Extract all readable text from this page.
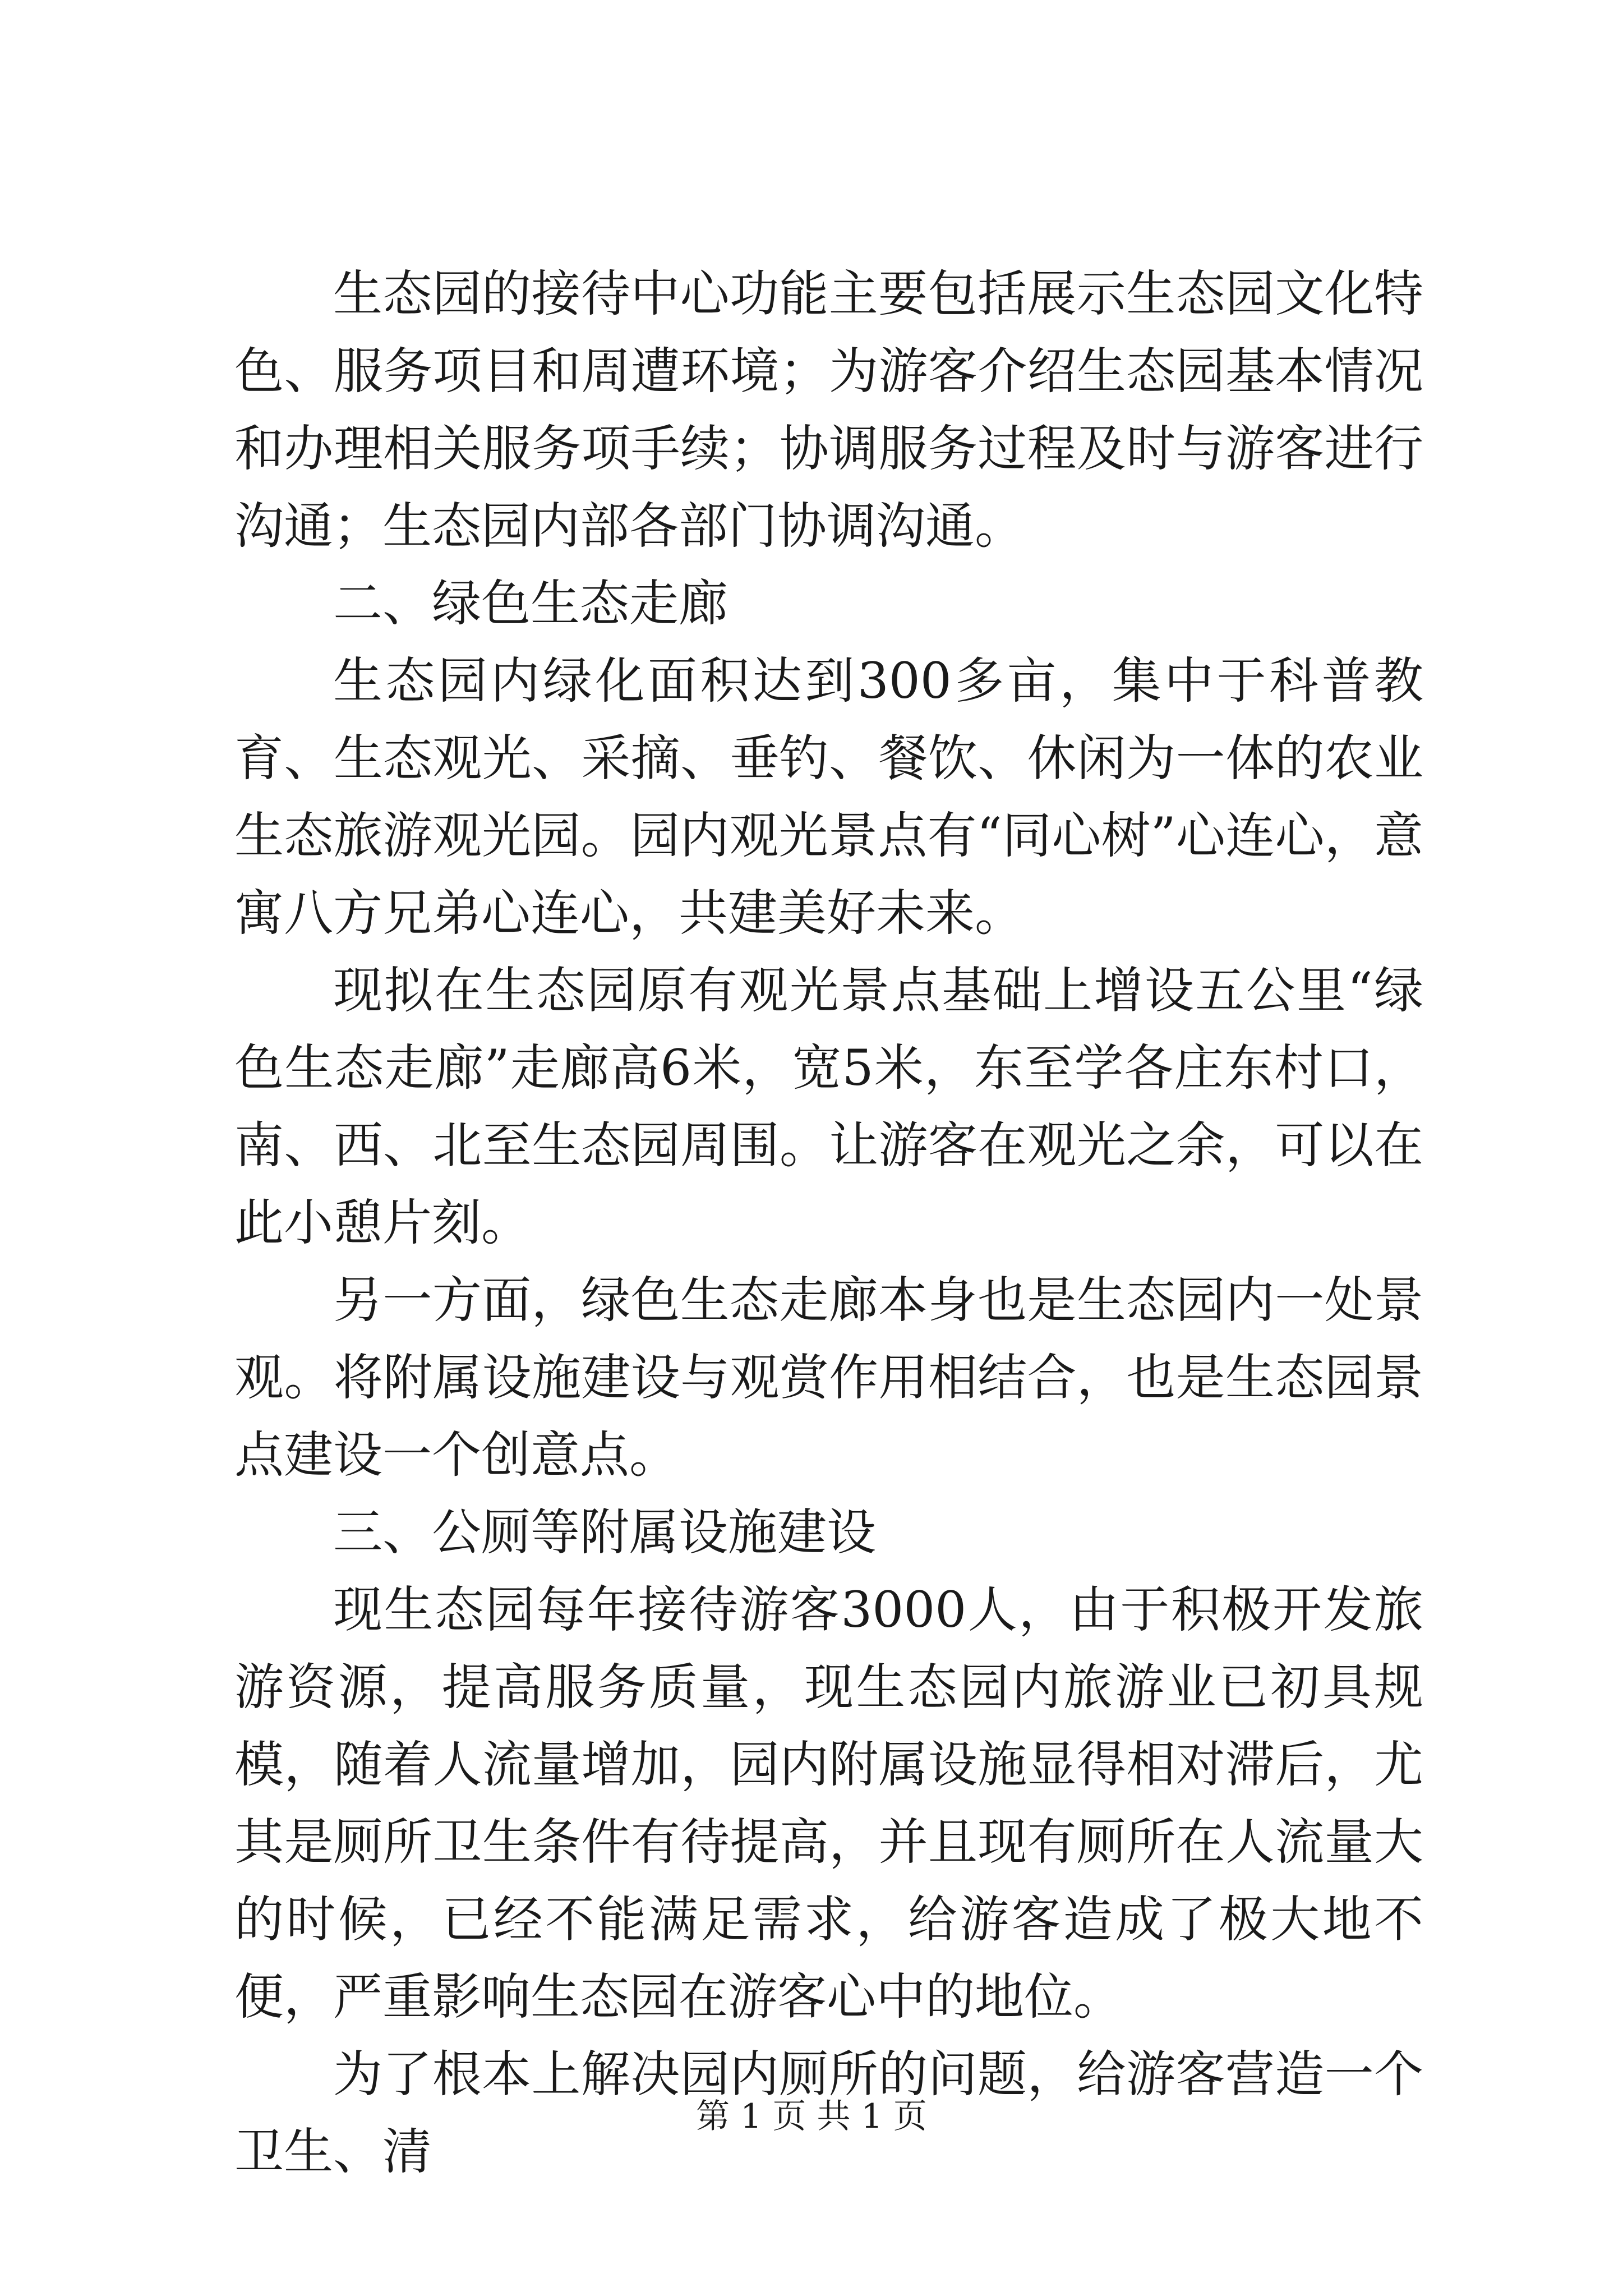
生态园的接待中心功能主要包括展示生态园文化特色、服务项目和周遭环境；为游客介绍生态园基本情况和办理相关服务项手续；协调服务过程及时与游客进行沟通；生态园内部各部门协调沟通。

二、绿色生态走廊

生态园内绿化面积达到300多亩，集中于科普教育、生态观光、采摘、垂钓、餐饮、休闲为一体的农业生态旅游观光园。园内观光景点有“同心树”心连心，意寓八方兄弟心连心，共建美好未来。

现拟在生态园原有观光景点基础上增设五公里“绿色生态走廊”走廊高6米，宽5米，东至学各庄东村口，南、西、北至生态园周围。让游客在观光之余，可以在此小憩片刻。

另一方面，绿色生态走廊本身也是生态园内一处景观。将附属设施建设与观赏作用相结合，也是生态园景点建设一个创意点。

三、公厕等附属设施建设

现生态园每年接待游客3000人，由于积极开发旅游资源，提高服务质量，现生态园内旅游业已初具规模，随着人流量增加，园内附属设施显得相对滞后，尤其是厕所卫生条件有待提高，并且现有厕所在人流量大的时候，已经不能满足需求，给游客造成了极大地不便，严重影响生态园在游客心中的地位。

为了根本上解决园内厕所的问题，给游客营造一个卫生、清

第 1 页 共 1 页
